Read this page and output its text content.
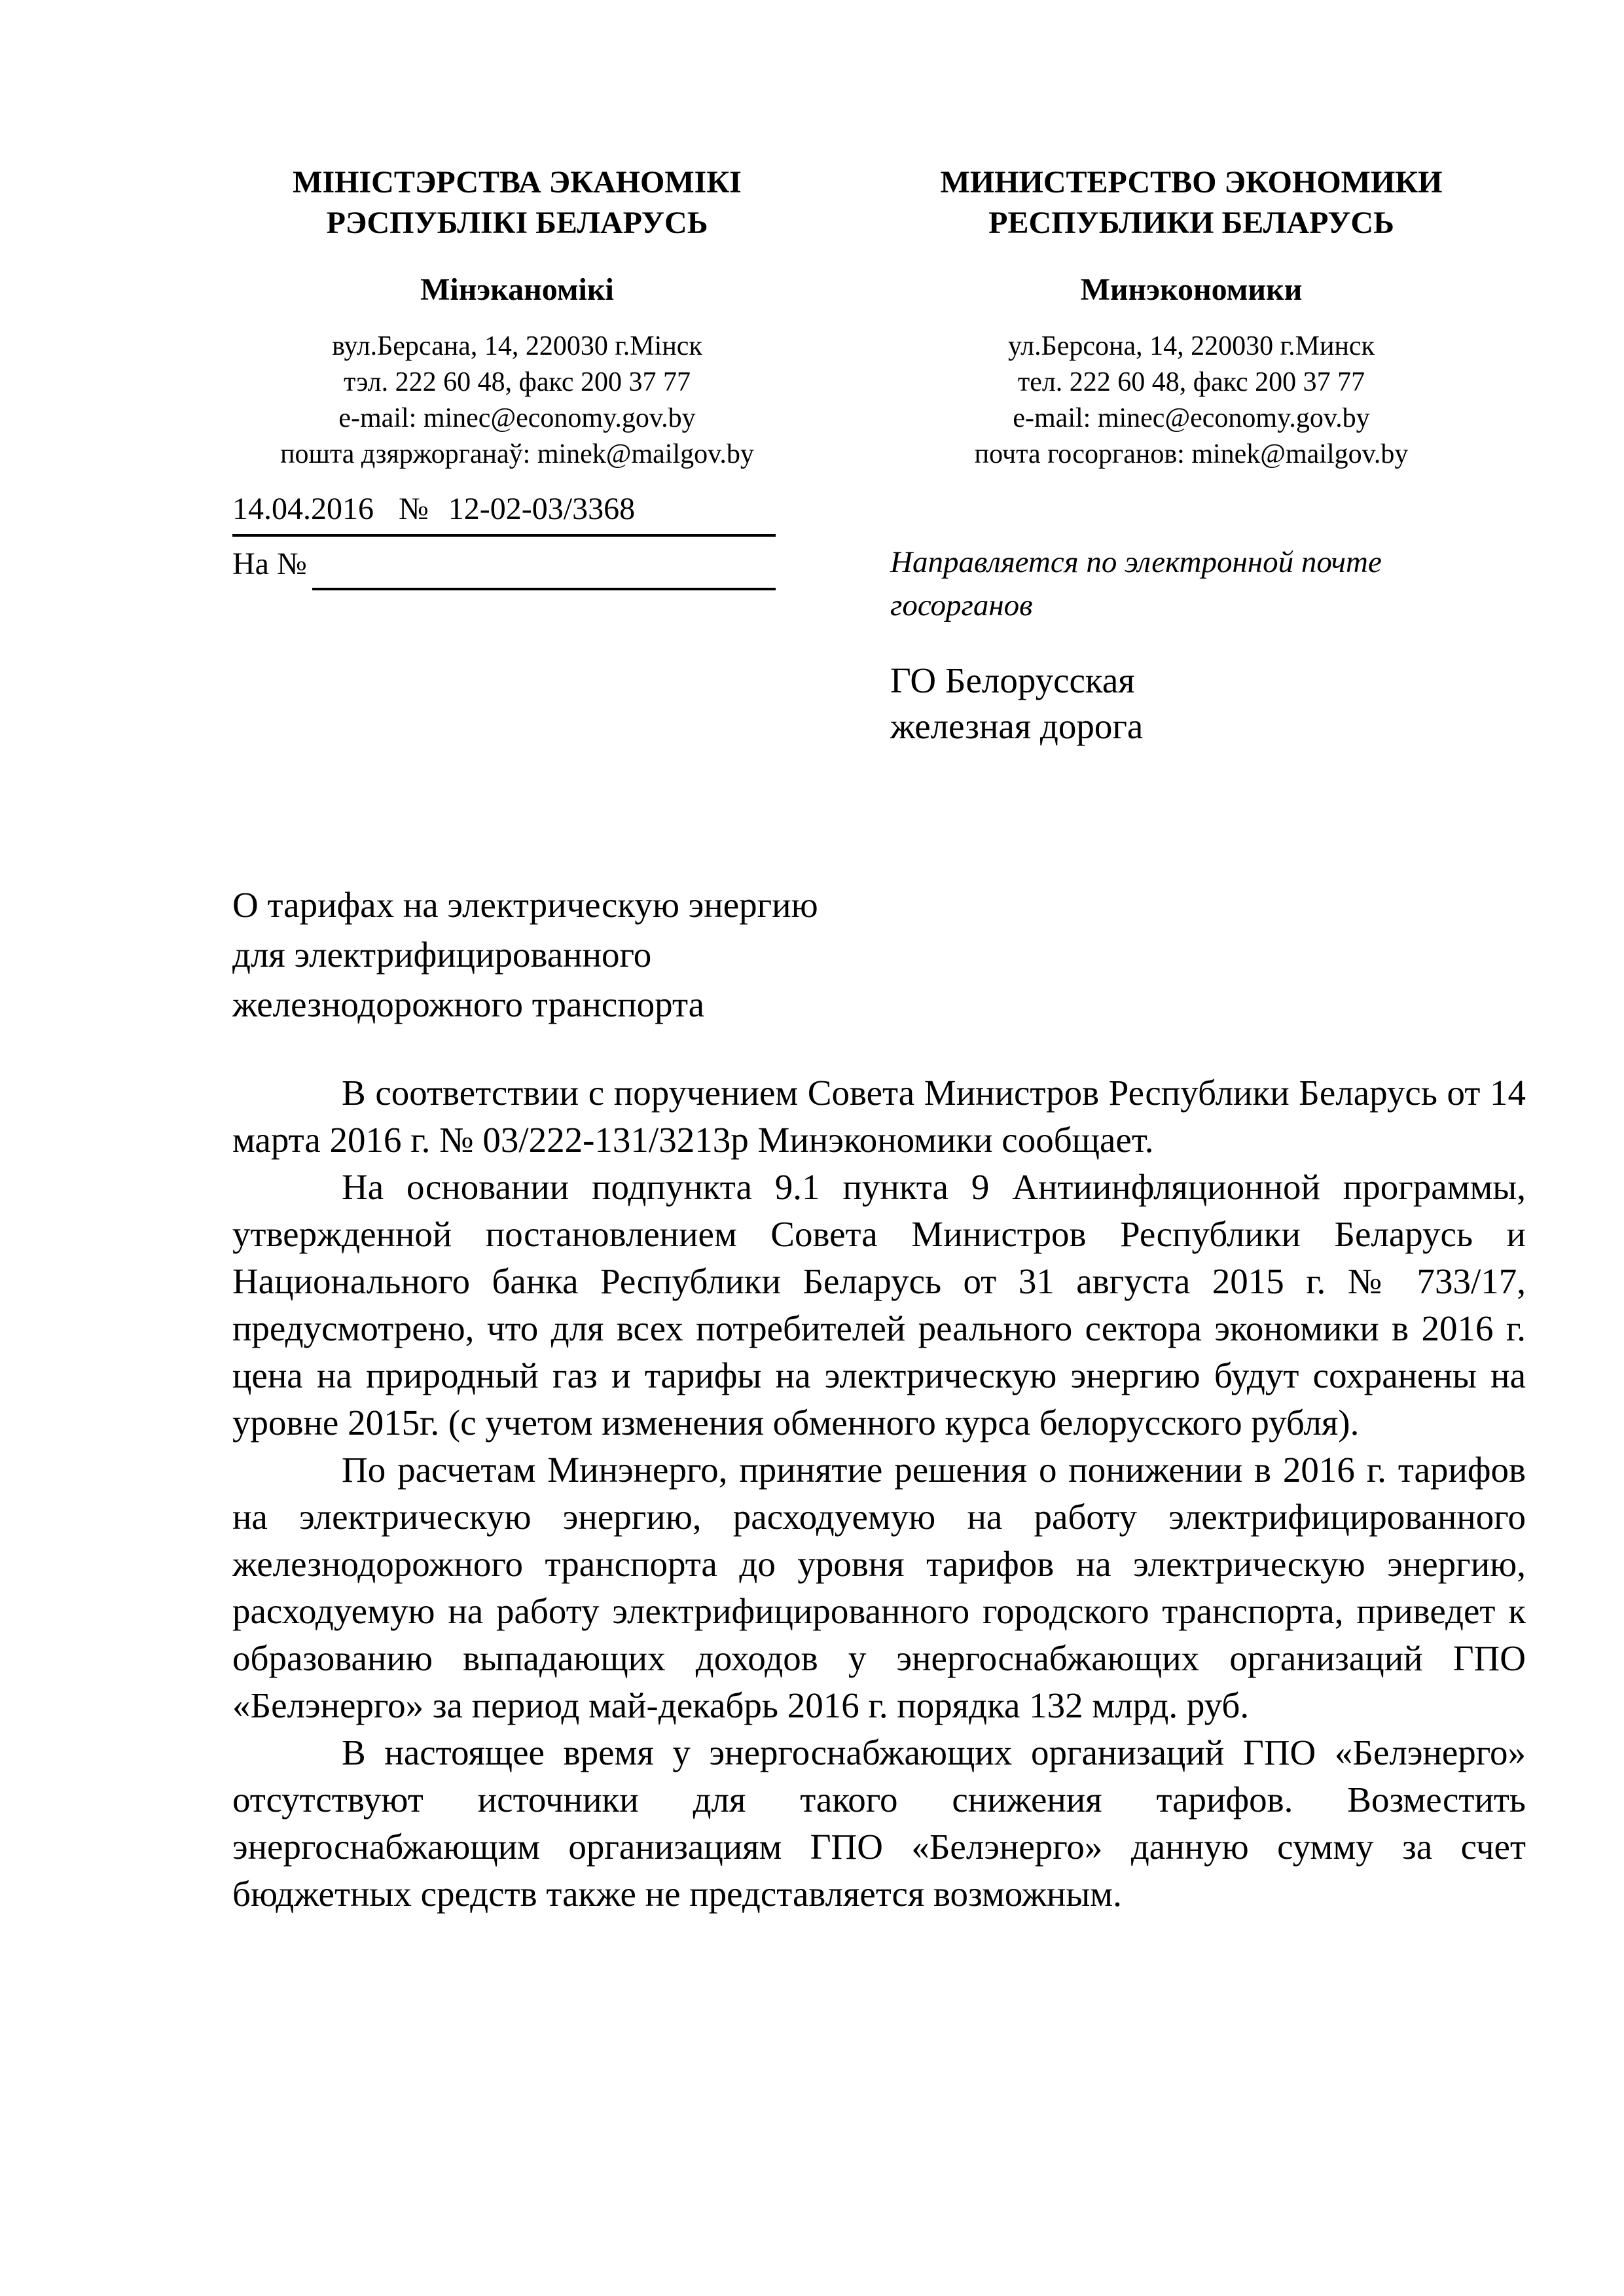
МІНІСТЭРСТВА ЭКАНОМІКІ
РЭСПУБЛІКІ БЕЛАРУСЬ
Мінэканомікі
вул.Берсана, 14, 220030 г.Мінск
тэл. 222 60 48, факс 200 37 77
e-mail: minec@economy.gov.by
пошта дзяржорганаў: minek@mailgov.by
МИНИСТЕРСТВО ЭКОНОМИКИ
РЕСПУБЛИКИ БЕЛАРУСЬ
Минэкономики
ул.Берсона, 14, 220030 г.Минск
тел. 222 60 48, факс 200 37 77
e-mail: minec@economy.gov.by
почта госорганов: minek@mailgov.by
14.04.2016 № 12-02-03/3368
На №	Направляется по электронной почте
госорганов
ГО Белорусская
железная дорога
О тарифах на электрическую энергию
для электрифицированного
железнодорожного транспорта

В соответствии с поручением Совета Министров Республики Беларусь от 14 марта 2016 г. № 03/222-131/3213р Минэкономики сообщает.

На основании подпункта 9.1 пункта 9 Антиинфляционной программы, утвержденной постановлением Совета Министров Республики Беларусь и Национального банка Республики Беларусь от 31 августа 2015 г. № 733/17, предусмотрено, что для всех потребителей реального сектора экономики в 2016 г. цена на природный газ и тарифы на электрическую энергию будут сохранены на уровне 2015г. (с учетом изменения обменного курса белорусского рубля).

По расчетам Минэнерго, принятие решения о понижении в 2016 г. тарифов на электрическую энергию, расходуемую на работу электрифицированного железнодорожного транспорта до уровня тарифов на электрическую энергию, расходуемую на работу электрифицированного городского транспорта, приведет к образованию выпадающих доходов у энергоснабжающих организаций ГПО «Белэнерго» за период май-декабрь 2016 г. порядка 132 млрд. руб.

В настоящее время у энергоснабжающих организаций ГПО «Белэнерго» отсутствуют источники для такого снижения тарифов. Возместить энергоснабжающим организациям ГПО «Белэнерго» данную сумму за счет бюджетных средств также не представляется возможным.
